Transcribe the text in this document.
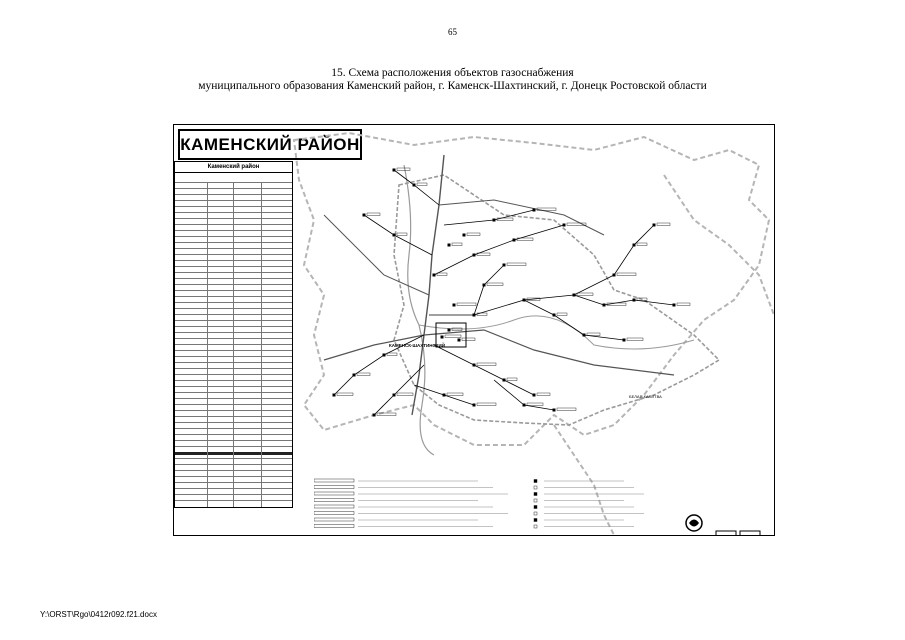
65
15. Схема расположения объектов газоснабжения
муниципального образования Каменский район, г. Каменск-Шахтинский, г. Донецк Ростовской области
КАМЕНСКИЙ РАЙОН
Каменский район
КАМЕНСК-ШАХТИНСКИЙ
БЕЛАЯ КАЛИТВА
Y:\ORST\Rgo\0412r092.f21.docx
